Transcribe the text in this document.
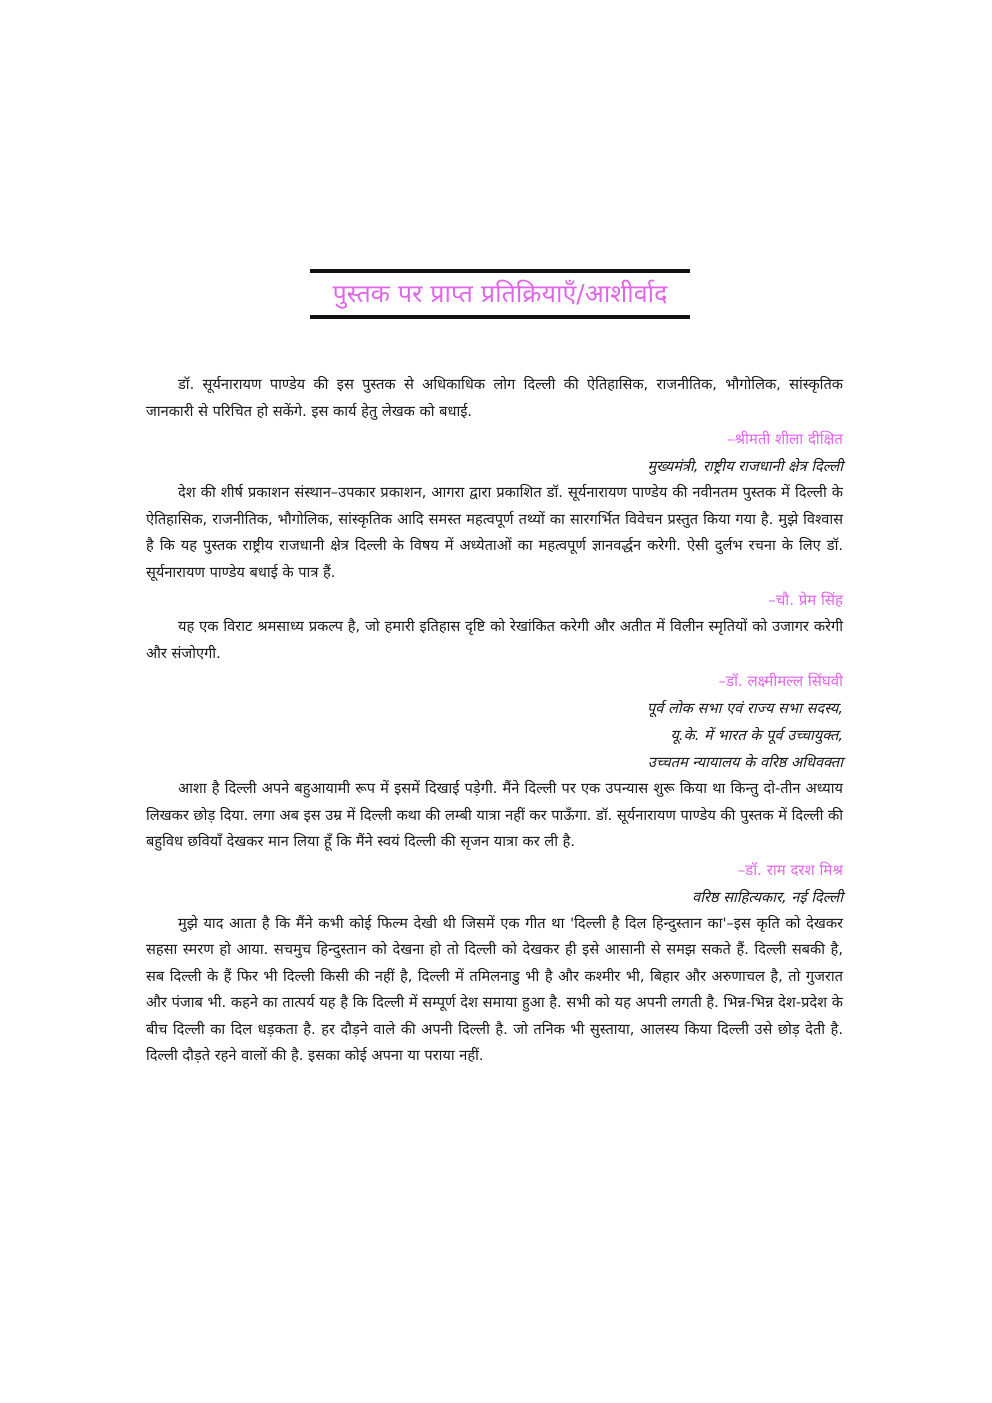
पुस्तक पर प्राप्त प्रतिक्रियाएँ/आशीर्वाद

डॉ. सूर्यनारायण पाण्डेय की इस पुस्तक से अधिकाधिक लोग दिल्ली की ऐतिहासिक, राजनीतिक, भौगोलिक, सांस्कृतिक जानकारी से परिचित हो सकेंगे. इस कार्य हेतु लेखक को बधाई.

–श्रीमती शीला दीक्षित

मुख्यमंत्री, राष्ट्रीय राजधानी क्षेत्र दिल्ली

देश की शीर्ष प्रकाशन संस्थान–उपकार प्रकाशन, आगरा द्वारा प्रकाशित डॉ. सूर्यनारायण पाण्डेय की नवीनतम पुस्तक में दिल्ली के ऐतिहासिक, राजनीतिक, भौगोलिक, सांस्कृतिक आदि समस्त महत्वपूर्ण तथ्यों का सारगर्भित विवेचन प्रस्तुत किया गया है. मुझे विश्वास है कि यह पुस्तक राष्ट्रीय राजधानी क्षेत्र दिल्ली के विषय में अध्येताओं का महत्वपूर्ण ज्ञानवर्द्धन करेगी. ऐसी दुर्लभ रचना के लिए डॉ. सूर्यनारायण पाण्डेय बधाई के पात्र हैं.

–चौ. प्रेम सिंह

यह एक विराट श्रमसाध्य प्रकल्प है, जो हमारी इतिहास दृष्टि को रेखांकित करेगी और अतीत में विलीन स्मृतियों को उजागर करेगी और संजोएगी.

–डॉ. लक्ष्मीमल्ल सिंघवी

पूर्व लोक सभा एवं राज्य सभा सदस्य,

यू.के. में भारत के पूर्व उच्चायुक्त,

उच्चतम न्यायालय के वरिष्ठ अधिवक्ता

आशा है दिल्ली अपने बहुआयामी रूप में इसमें दिखाई पड़ेगी. मैंने दिल्ली पर एक उपन्यास शुरू किया था किन्तु दो-तीन अध्याय लिखकर छोड़ दिया. लगा अब इस उम्र में दिल्ली कथा की लम्बी यात्रा नहीं कर पाऊँगा. डॉ. सूर्यनारायण पाण्डेय की पुस्तक में दिल्ली की बहुविध छवियाँ देखकर मान लिया हूँ कि मैंने स्वयं दिल्ली की सृजन यात्रा कर ली है.

–डॉ. राम दरश मिश्र

वरिष्ठ साहित्यकार, नई दिल्ली

मुझे याद आता है कि मैंने कभी कोई फिल्म देखी थी जिसमें एक गीत था 'दिल्ली है दिल हिन्दुस्तान का'–इस कृति को देखकर सहसा स्मरण हो आया. सचमुच हिन्दुस्तान को देखना हो तो दिल्ली को देखकर ही इसे आसानी से समझ सकते हैं. दिल्ली सबकी है, सब दिल्ली के हैं फिर भी दिल्ली किसी की नहीं है, दिल्ली में तमिलनाडु भी है और कश्मीर भी, बिहार और अरुणाचल है, तो गुजरात और पंजाब भी. कहने का तात्पर्य यह है कि दिल्ली में सम्पूर्ण देश समाया हुआ है. सभी को यह अपनी लगती है. भिन्न-भिन्न देश-प्रदेश के बीच दिल्ली का दिल धड़कता है. हर दौड़ने वाले की अपनी दिल्ली है. जो तनिक भी सुस्ताया, आलस्य किया दिल्ली उसे छोड़ देती है. दिल्ली दौड़ते रहने वालों की है. इसका कोई अपना या पराया नहीं.
